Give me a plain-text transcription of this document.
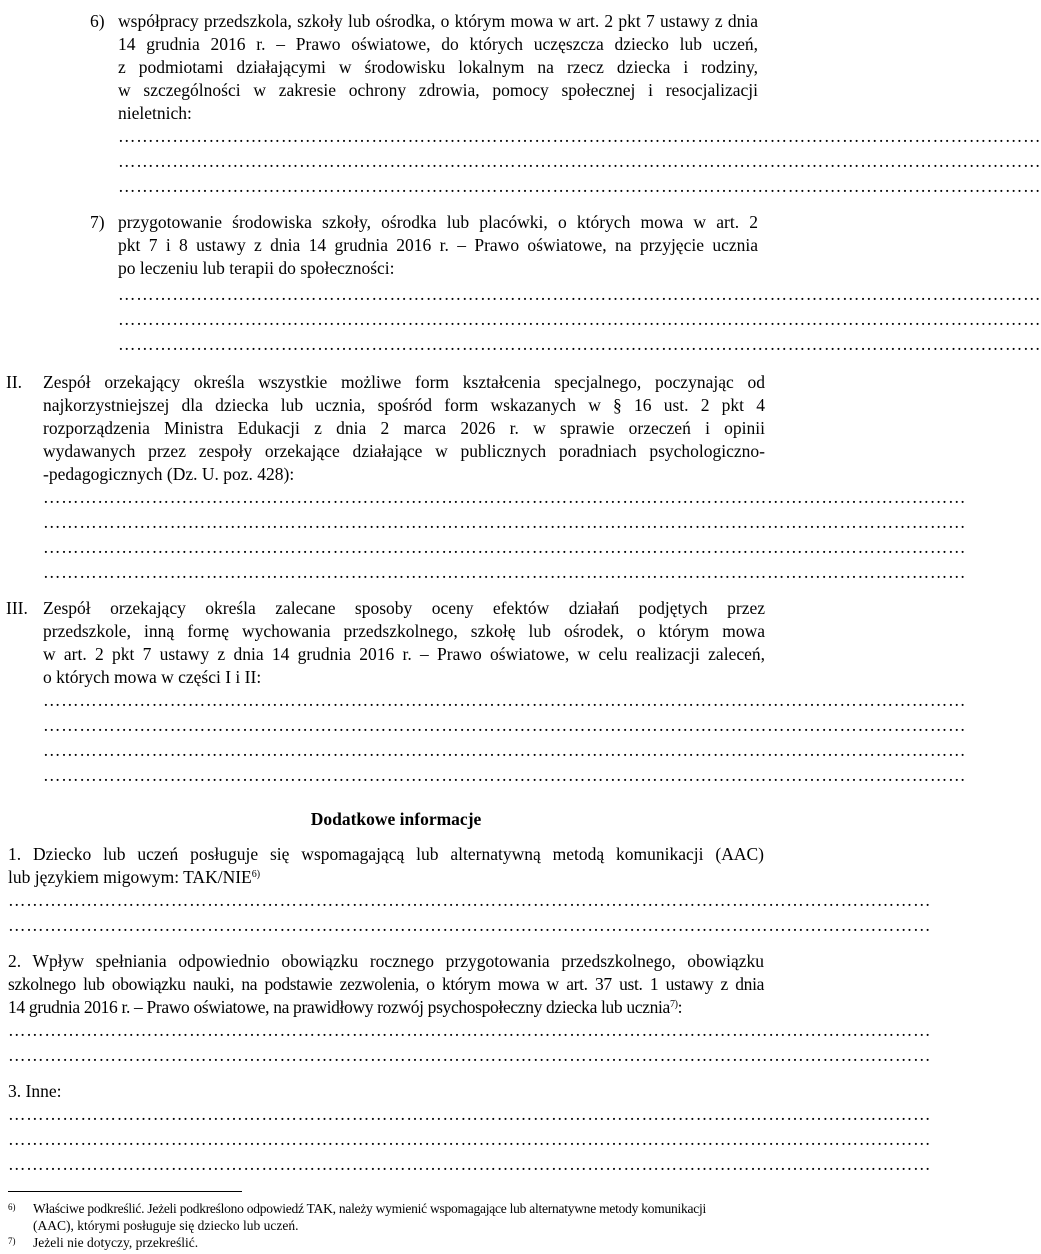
6) współpracy przedszkola, szkoły lub ośrodka, o którym mowa w art. 2 pkt 7 ustawy z dnia
14 grudnia 2016 r. – Prawo oświatowe, do których uczęszcza dziecko lub uczeń,
z podmiotami działającymi w środowisku lokalnym na rzecz dziecka i rodziny,
w szczególności w zakresie ochrony zdrowia, pomocy społecznej i resocjalizacji
nieletnich:
………………………………………………………………………………………………………………………………………
………………………………………………………………………………………………………………………………………
………………………………………………………………………………………………………………………………………
7) przygotowanie środowiska szkoły, ośrodka lub placówki, o których mowa w art. 2
pkt 7 i 8 ustawy z dnia 14 grudnia 2016 r. – Prawo oświatowe, na przyjęcie ucznia
po leczeniu lub terapii do społeczności:
………………………………………………………………………………………………………………………………………
………………………………………………………………………………………………………………………………………
………………………………………………………………………………………………………………………………………
II. Zespół orzekający określa wszystkie możliwe form kształcenia specjalnego, poczynając od
najkorzystniejszej dla dziecka lub ucznia, spośród form wskazanych w § 16 ust. 2 pkt 4
rozporządzenia Ministra Edukacji z dnia 2 marca 2026 r. w sprawie orzeczeń i opinii
wydawanych przez zespoły orzekające działające w publicznych poradniach psychologiczno-
-pedagogicznych (Dz. U. poz. 428):
………………………………………………………………………………………………………………………………………
………………………………………………………………………………………………………………………………………
………………………………………………………………………………………………………………………………………
………………………………………………………………………………………………………………………………………
III. Zespół orzekający określa zalecane sposoby oceny efektów działań podjętych przez
przedszkole, inną formę wychowania przedszkolnego, szkołę lub ośrodek, o którym mowa
w art. 2 pkt 7 ustawy z dnia 14 grudnia 2016 r. – Prawo oświatowe, w celu realizacji zaleceń,
o których mowa w części I i II:
………………………………………………………………………………………………………………………………………
………………………………………………………………………………………………………………………………………
………………………………………………………………………………………………………………………………………
………………………………………………………………………………………………………………………………………
Dodatkowe informacje
1. Dziecko lub uczeń posługuje się wspomagającą lub alternatywną metodą komunikacji (AAC)
lub językiem migowym: TAK/NIE$^{6)}$
………………………………………………………………………………………………………………………………………
………………………………………………………………………………………………………………………………………
2. Wpływ spełniania odpowiednio obowiązku rocznego przygotowania przedszkolnego, obowiązku
szkolnego lub obowiązku nauki, na podstawie zezwolenia, o którym mowa w art. 37 ust. 1 ustawy z dnia
14 grudnia 2016 r. – Prawo oświatowe, na prawidłowy rozwój psychospołeczny dziecka lub ucznia$^{7)}$:
………………………………………………………………………………………………………………………………………
………………………………………………………………………………………………………………………………………
3. Inne:
………………………………………………………………………………………………………………………………………
………………………………………………………………………………………………………………………………………
………………………………………………………………………………………………………………………………………
6) Właściwe podkreślić. Jeżeli podkreślono odpowiedź TAK, należy wymienić wspomagające lub alternatywne metody komunikacji
(AAC), którymi posługuje się dziecko lub uczeń.
7) Jeżeli nie dotyczy, przekreślić.
